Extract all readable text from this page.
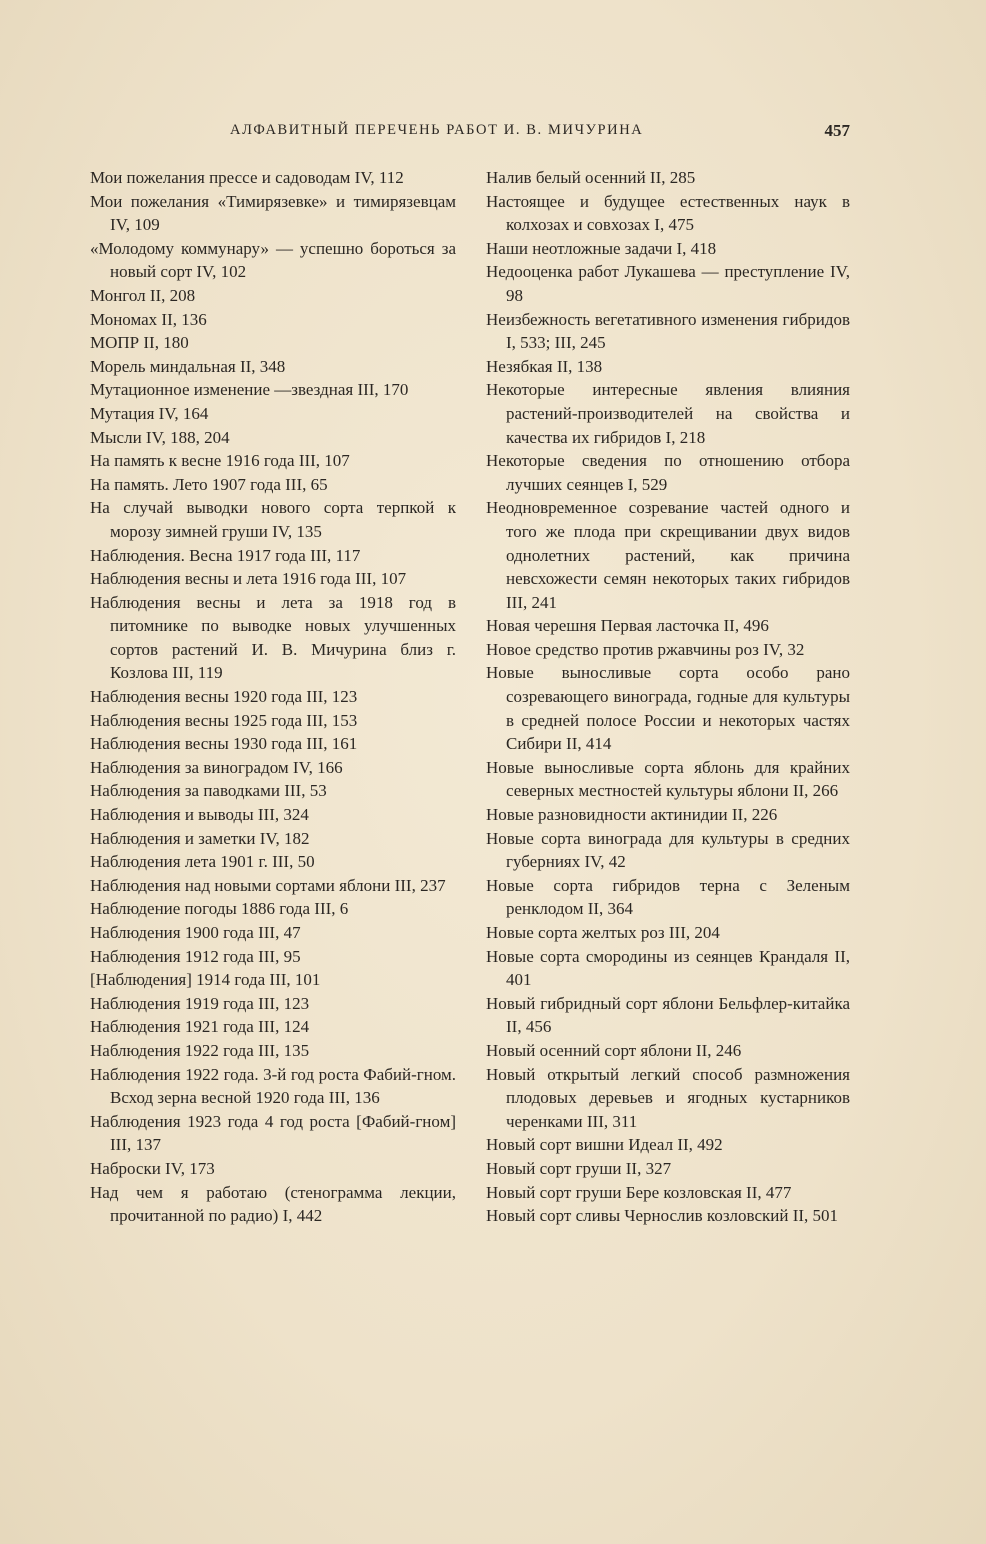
АЛФАВИТНЫЙ ПЕРЕЧЕНЬ РАБОТ И. В. МИЧУРИНА	457

Мои пожелания прессе и садоводам IV, 112

Мои пожелания «Тимирязевке» и тимирязевцам IV, 109

«Молодому коммунару» — успешно бороться за новый сорт IV, 102

Монгол II, 208

Мономах II, 136

МОПР II, 180

Морель миндальная II, 348

Мутационное изменение —звездная III, 170

Мутация IV, 164

Мысли IV, 188, 204

На память к весне 1916 года III, 107

На память. Лето 1907 года III, 65

На случай выводки нового сорта терпкой к морозу зимней груши IV, 135

Наблюдения. Весна 1917 года III, 117

Наблюдения весны и лета 1916 года III, 107

Наблюдения весны и лета за 1918 год в питомнике по выводке новых улучшенных сортов растений И. В. Мичурина близ г. Козлова III, 119

Наблюдения весны 1920 года III, 123

Наблюдения весны 1925 года III, 153

Наблюдения весны 1930 года III, 161

Наблюдения за виноградом IV, 166

Наблюдения за паводками III, 53

Наблюдения и выводы III, 324

Наблюдения и заметки IV, 182

Наблюдения лета 1901 г. III, 50

Наблюдения над новыми сортами яблони III, 237

Наблюдение погоды 1886 года III, 6

Наблюдения 1900 года III, 47

Наблюдения 1912 года III, 95

[Наблюдения] 1914 года III, 101

Наблюдения 1919 года III, 123

Наблюдения 1921 года III, 124

Наблюдения 1922 года III, 135

Наблюдения 1922 года. 3-й год роста Фабий-гном. Всход зерна весной 1920 года III, 136

Наблюдения 1923 года 4 год роста [Фабий-гном] III, 137

Наброски IV, 173

Над чем я работаю (стенограмма лекции, прочитанной по радио) I, 442

Налив белый осенний II, 285

Настоящее и будущее естественных наук в колхозах и совхозах I, 475

Наши неотложные задачи I, 418

Недооценка работ Лукашева — преступление IV, 98

Неизбежность вегетативного изменения гибридов I, 533; III, 245

Незябкая II, 138

Некоторые интересные явления влияния растений-производителей на свойства и качества их гибридов I, 218

Некоторые сведения по отношению отбора лучших сеянцев I, 529

Неодновременное созревание частей одного и того же плода при скрещивании двух видов однолетних растений, как причина невсхожести семян некоторых таких гибридов III, 241

Новая черешня Первая ласточка II, 496

Новое средство против ржавчины роз IV, 32

Новые выносливые сорта особо рано созревающего винограда, годные для культуры в средней полосе России и некоторых частях Сибири II, 414

Новые выносливые сорта яблонь для крайних северных местностей культуры яблони II, 266

Новые разновидности актинидии II, 226

Новые сорта винограда для культуры в средних губерниях IV, 42

Новые сорта гибридов терна с Зеленым ренклодом II, 364

Новые сорта желтых роз III, 204

Новые сорта смородины из сеянцев Крандаля II, 401

Новый гибридный сорт яблони Бельфлер-китайка II, 456

Новый осенний сорт яблони II, 246

Новый открытый легкий способ размножения плодовых деревьев и ягодных кустарников черенками III, 311

Новый сорт вишни Идеал II, 492

Новый сорт груши II, 327

Новый сорт груши Бере козловская II, 477

Новый сорт сливы Чернослив козловский II, 501
